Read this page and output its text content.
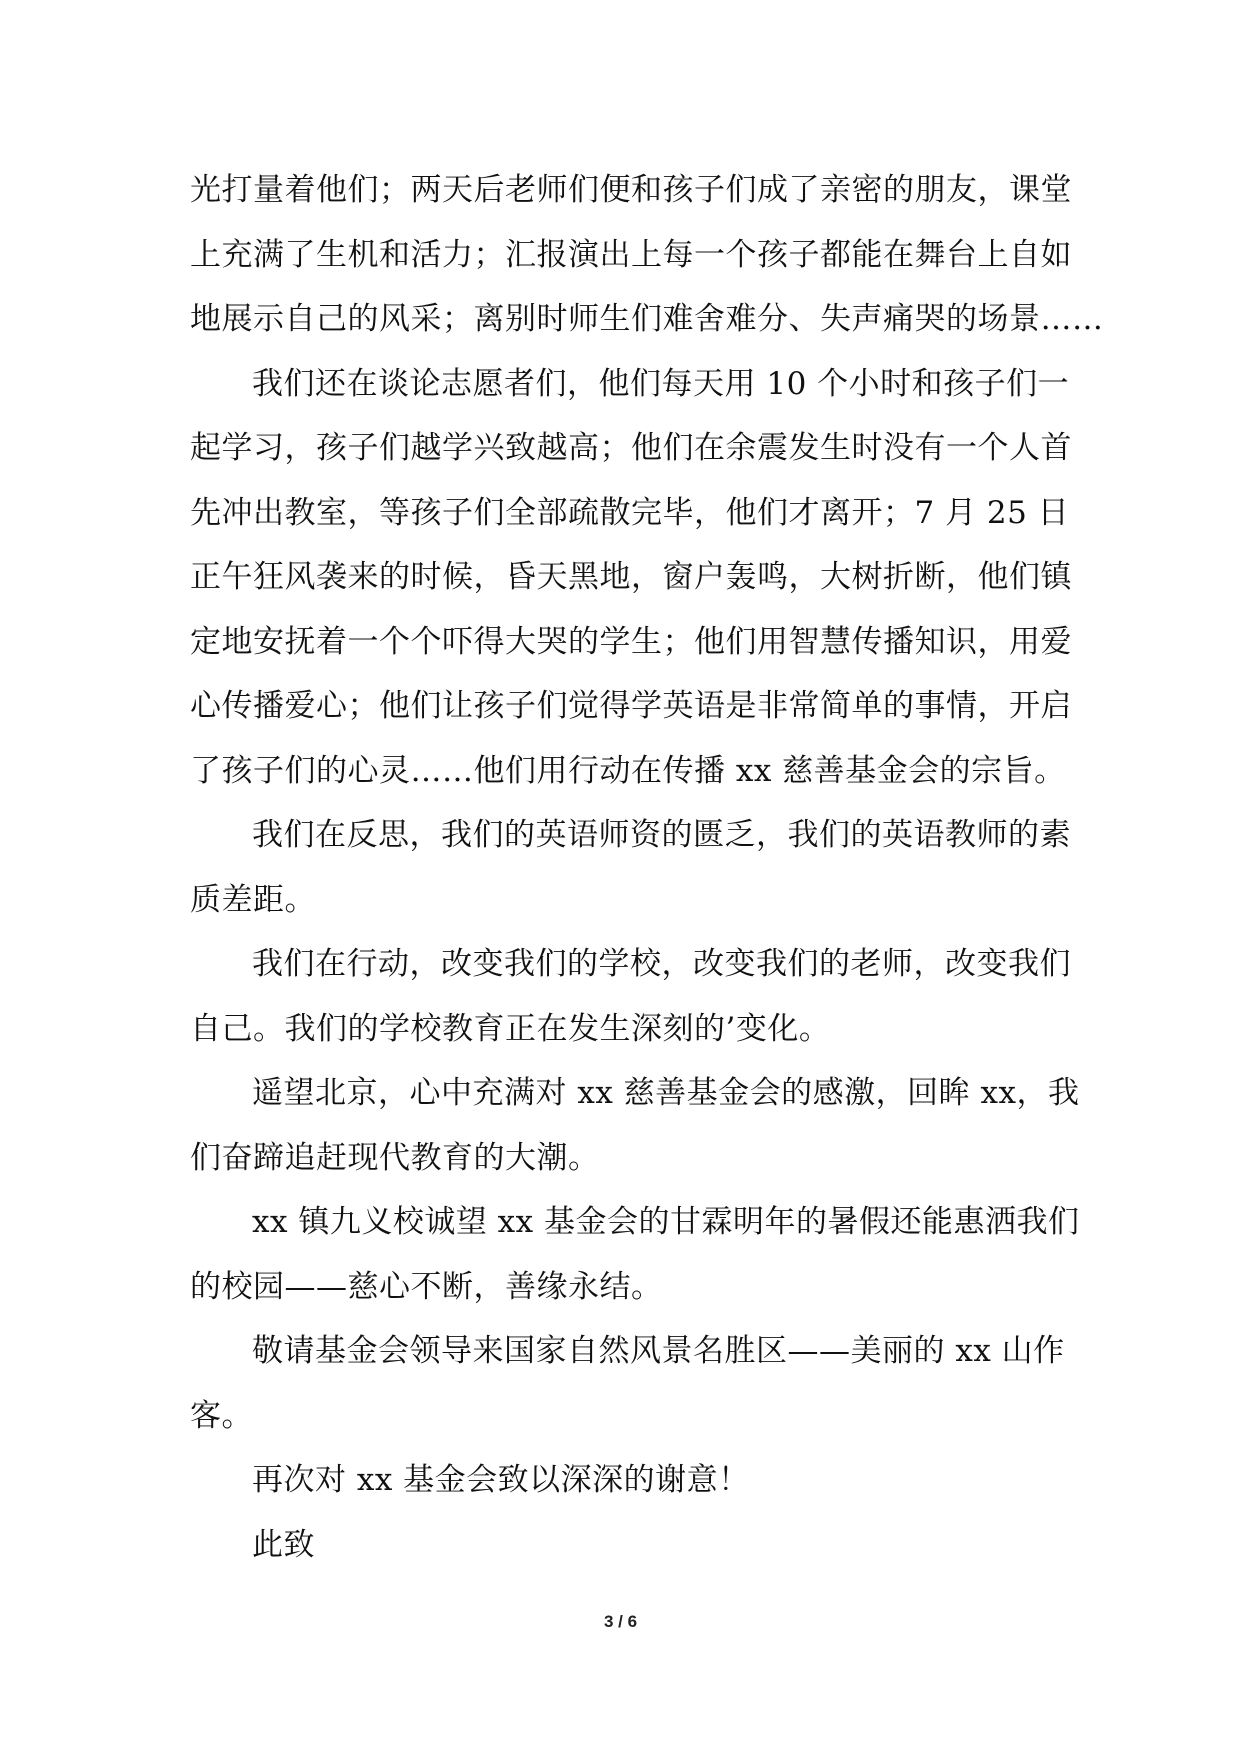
光打量着他们；两天后老师们便和孩子们成了亲密的朋友，课堂
上充满了生机和活力；汇报演出上每一个孩子都能在舞台上自如
地展示自己的风采；离别时师生们难舍难分、失声痛哭的场景……
我们还在谈论志愿者们，他们每天用 10 个小时和孩子们一
起学习，孩子们越学兴致越高；他们在余震发生时没有一个人首
先冲出教室，等孩子们全部疏散完毕，他们才离开；7 月 25 日
正午狂风袭来的时候，昏天黑地，窗户轰鸣，大树折断，他们镇
定地安抚着一个个吓得大哭的学生；他们用智慧传播知识，用爱
心传播爱心；他们让孩子们觉得学英语是非常简单的事情，开启
了孩子们的心灵……他们用行动在传播 xx 慈善基金会的宗旨。
我们在反思，我们的英语师资的匮乏，我们的英语教师的素
质差距。
我们在行动，改变我们的学校，改变我们的老师，改变我们
自己。我们的学校教育正在发生深刻的’变化。
遥望北京，心中充满对 xx 慈善基金会的感激，回眸 xx，我
们奋蹄追赶现代教育的大潮。
xx 镇九义校诚望 xx 基金会的甘霖明年的暑假还能惠洒我们
的校园——慈心不断，善缘永结。
敬请基金会领导来国家自然风景名胜区——美丽的 xx 山作
客。
再次对 xx 基金会致以深深的谢意！
此致
3 / 6
